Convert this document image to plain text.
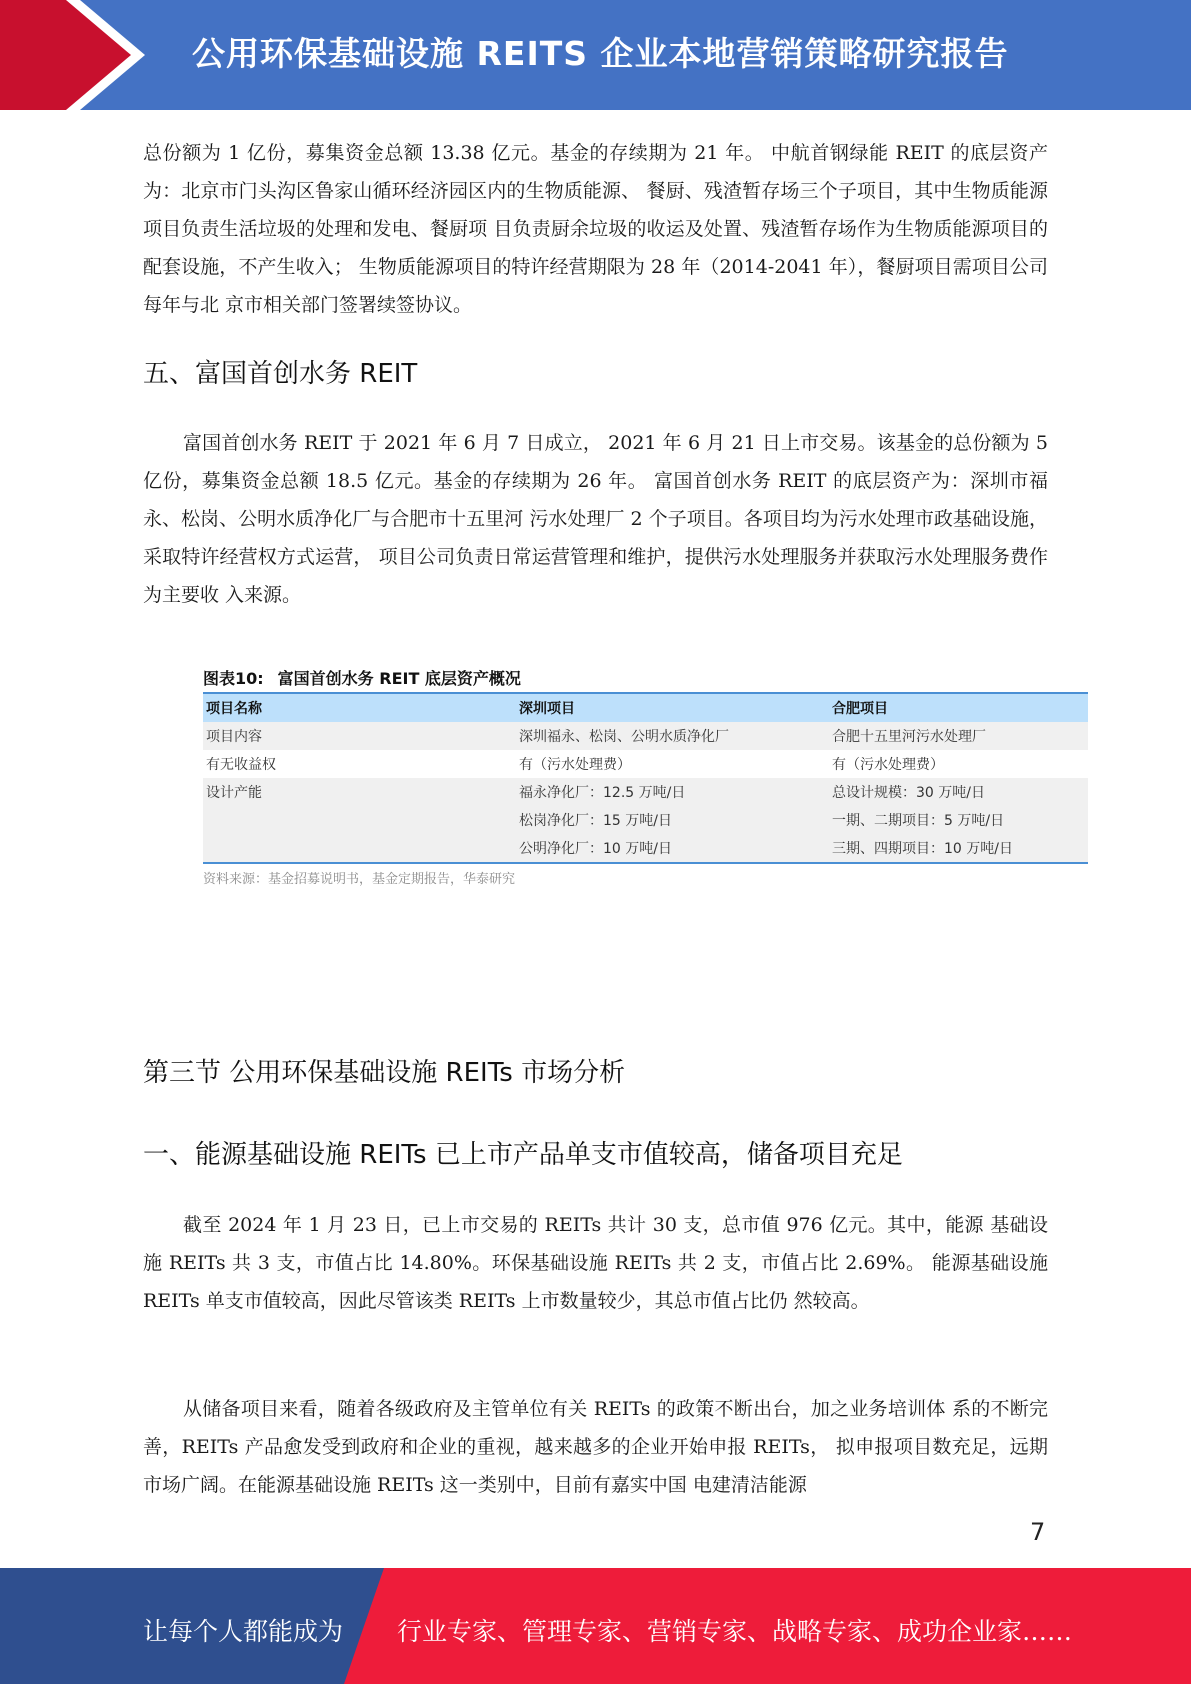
公用环保基础设施 REITS 企业本地营销策略研究报告

总份额为 1 亿份，募集资金总额 13.38 亿元。基金的存续期为 21 年。 中航首钢绿能 REIT 的底层资产为：北京市门头沟区鲁家山循环经济园区内的生物质能源、 餐厨、残渣暂存场三个子项目，其中生物质能源项目负责生活垃圾的处理和发电、餐厨项 目负责厨余垃圾的收运及处置、残渣暂存场作为生物质能源项目的配套设施，不产生收入； 生物质能源项目的特许经营期限为 28 年（2014-2041 年），餐厨项目需项目公司每年与北 京市相关部门签署续签协议。

五、富国首创水务 REIT

富国首创水务 REIT 于 2021 年 6 月 7 日成立， 2021 年 6 月 21 日上市交易。该基金的总份额为 5 亿份，募集资金总额 18.5 亿元。基金的存续期为 26 年。 富国首创水务 REIT 的底层资产为：深圳市福永、松岗、公明水质净化厂与合肥市十五里河 污水处理厂 2 个子项目。各项目均为污水处理市政基础设施，采取特许经营权方式运营， 项目公司负责日常运营管理和维护，提供污水处理服务并获取污水处理服务费作为主要收 入来源。

图表10: 富国首创水务 REIT 底层资产概况
项目名称	深圳项目	合肥项目
项目内容	深圳福永、松岗、公明水质净化厂	合肥十五里河污水处理厂
有无收益权	有（污水处理费）	有（污水处理费）
设计产能	福永净化厂：12.5 万吨/日	总设计规模：30 万吨/日
	松岗净化厂：15 万吨/日	一期、二期项目：5 万吨/日
	公明净化厂：10 万吨/日	三期、四期项目：10 万吨/日
资料来源：基金招募说明书，基金定期报告，华泰研究
第三节 公用环保基础设施 REITs 市场分析
一、能源基础设施 REITs 已上市产品单支市值较高，储备项目充足

截至 2024 年 1 月 23 日，已上市交易的 REITs 共计 30 支，总市值 976 亿元。其中，能源 基础设施 REITs 共 3 支，市值占比 14.80%。环保基础设施 REITs 共 2 支，市值占比 2.69%。 能源基础设施 REITs 单支市值较高，因此尽管该类 REITs 上市数量较少，其总市值占比仍 然较高。

从储备项目来看，随着各级政府及主管单位有关 REITs 的政策不断出台，加之业务培训体 系的不断完善，REITs 产品愈发受到政府和企业的重视，越来越多的企业开始申报 REITs， 拟申报项目数充足，远期市场广阔。在能源基础设施 REITs 这一类别中，目前有嘉实中国 电建清洁能源

7
让每个人都能成为 行业专家、管理专家、营销专家、战略专家、成功企业家……
